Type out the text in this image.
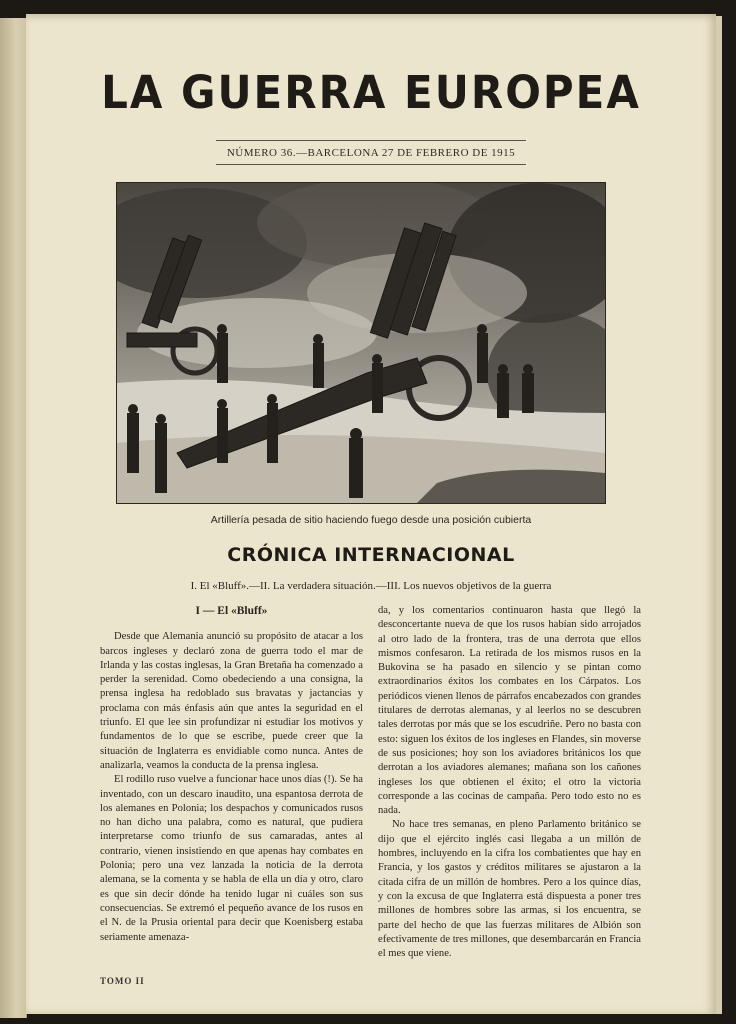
LA GUERRA EUROPEA
NÚMERO 36.—BARCELONA 27 DE FEBRERO DE 1915
Artillería pesada de sitio haciendo fuego desde una posición cubierta
CRÓNICA INTERNACIONAL
I. El «Bluff».—II. La verdadera situación.—III. Los nuevos objetivos de la guerra
I — El «Bluff»

Desde que Alemania anunció su propósito de atacar a los barcos ingleses y declaró zona de guerra todo el mar de Irlanda y las costas inglesas, la Gran Bretaña ha comenzado a perder la serenidad. Como obedeciendo a una consigna, la prensa inglesa ha redoblado sus bravatas y jactancias y proclama con más énfasis aún que antes la seguridad en el triunfo. El que lee sin profundizar ni estudiar los motivos y fundamentos de lo que se escribe, puede creer que la situación de Inglaterra es envidiable como nunca. Antes de analizarla, veamos la conducta de la prensa inglesa.

El rodillo ruso vuelve a funcionar hace unos días (!). Se ha inventado, con un descaro inaudito, una espantosa derrota de los alemanes en Polonia; los despachos y comunicados rusos no han dicho una palabra, como es natural, que pudiera interpretarse como triunfo de sus camaradas, antes al contrario, vienen insistiendo en que apenas hay combates en Polonia; pero una vez lanzada la noticia de la derrota alemana, se la comenta y se habla de ella un día y otro, claro es que sin decir dónde ha tenido lugar ni cuáles son sus consecuencias. Se extremó el pequeño avance de los rusos en el N. de la Prusia oriental para decir que Koenisberg estaba seriamente amenaza-

da, y los comentarios continuaron hasta que llegó la desconcertante nueva de que los rusos habían sido arrojados al otro lado de la frontera, tras de una derrota que ellos mismos confesaron. La retirada de los mismos rusos en la Bukovina se ha pasado en silencio y se pintan como extraordinarios éxitos los combates en los Cárpatos. Los periódicos vienen llenos de párrafos encabezados con grandes titulares de derrotas alemanas, y al leerlos no se descubren tales derrotas por más que se los escudriñe. Pero no basta con esto: siguen los éxitos de los ingleses en Flandes, sin moverse de sus posiciones; hoy son los aviadores británicos los que derrotan a los aviadores alemanes; mañana son los cañones ingleses los que obtienen el éxito; el otro la victoria corresponde a las cocinas de campaña. Pero todo esto no es nada.

No hace tres semanas, en pleno Parlamento británico se dijo que el ejército inglés casi llegaba a un millón de hombres, incluyendo en la cifra los combatientes que hay en Francia, y los gastos y créditos militares se ajustaron a la citada cifra de un millón de hombres. Pero a los quince días, y con la excusa de que Inglaterra está dispuesta a poner tres millones de hombres sobre las armas, si los encuentra, se parte del hecho de que las fuerzas militares de Albión son efectivamente de tres millones, que desembarcarán en Francia el mes que viene.

TOMO II
